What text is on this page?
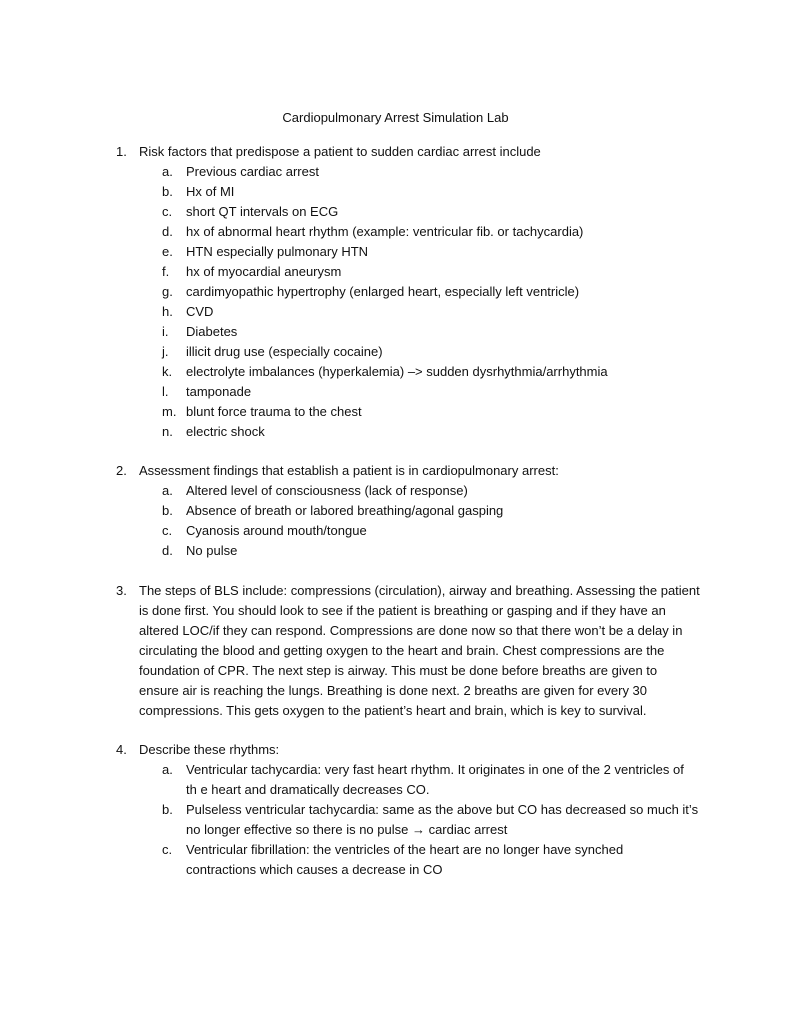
Cardiopulmonary Arrest Simulation Lab
1. Risk factors that predispose a patient to sudden cardiac arrest include
a. Previous cardiac arrest
b. Hx of MI
c. short QT intervals on ECG
d. hx of abnormal heart rhythm (example: ventricular fib. or tachycardia)
e. HTN especially pulmonary HTN
f. hx of myocardial aneurysm
g. cardimyopathic hypertrophy (enlarged heart, especially left ventricle)
h. CVD
i. Diabetes
j. illicit drug use (especially cocaine)
k. electrolyte imbalances (hyperkalemia) –> sudden dysrhythmia/arrhythmia
l. tamponade
m. blunt force trauma to the chest
n. electric shock
2. Assessment findings that establish a patient is in cardiopulmonary arrest:
a. Altered level of consciousness (lack of response)
b. Absence of breath or labored breathing/agonal gasping
c. Cyanosis around mouth/tongue
d. No pulse
3. The steps of BLS include: compressions (circulation), airway and breathing. Assessing the patient
is done first. You should look to see if the patient is breathing or gasping and if they have an
altered LOC/if they can respond. Compressions are done now so that there won’t be a delay in
circulating the blood and getting oxygen to the heart and brain. Chest compressions are the
foundation of CPR. The next step is airway. This must be done before breaths are given to
ensure air is reaching the lungs. Breathing is done next. 2 breaths are given for every 30
compressions. This gets oxygen to the patient’s heart and brain, which is key to survival.
4. Describe these rhythms:
a. Ventricular tachycardia: very fast heart rhythm. It originates in one of the 2 ventricles of
th e heart and dramatically decreases CO.
b. Pulseless ventricular tachycardia: same as the above but CO has decreased so much it’s
no longer effective so there is no pulse → cardiac arrest
c. Ventricular fibrillation: the ventricles of the heart are no longer have synched
contractions which causes a decrease in CO
